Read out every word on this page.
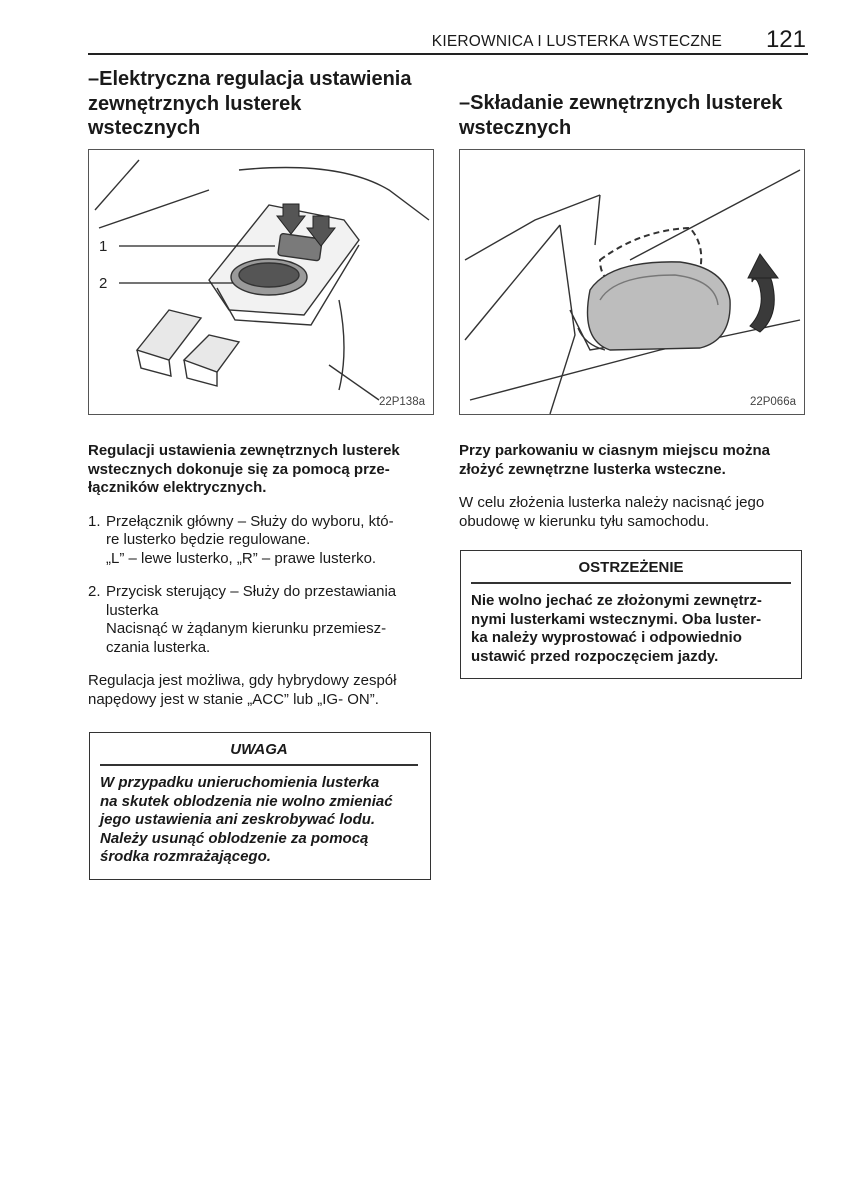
KIEROWNICA I LUSTERKA WSTECZNE 121
–Elektryczna regulacja ustawienia
zewnętrznych lusterek
wstecznych
1
2
22P138a

Regulacji ustawienia zewnętrznych lusterek
wstecznych dokonuje się za pomocą prze-
łączników elektrycznych.

1. Przełącznik główny – Służy do wyboru, któ-
re lusterko będzie regulowane.
„L” – lewe lusterko, „R” – prawe lusterko.

2. Przycisk sterujący – Służy do przestawiania
lusterka
Nacisnąć w żądanym kierunku przemiesz-
czania lusterka.

Regulacja jest możliwa, gdy hybrydowy zespół
napędowy jest w stanie „ACC” lub „IG- ON”.

UWAGA
W przypadku unieruchomienia lusterka
na skutek oblodzenia nie wolno zmieniać
jego ustawienia ani zeskrobywać lodu.
Należy usunąć oblodzenie za pomocą
środka rozmrażającego.
–Składanie zewnętrznych lusterek
wstecznych
22P066a

Przy parkowaniu w ciasnym miejscu można
złożyć zewnętrzne lusterka wsteczne.

W celu złożenia lusterka należy nacisnąć jego
obudowę w kierunku tyłu samochodu.

OSTRZEŻENIE
Nie wolno jechać ze złożonymi zewnętrz-
nymi lusterkami wstecznymi. Oba luster-
ka należy wyprostować i odpowiednio
ustawić przed rozpoczęciem jazdy.
